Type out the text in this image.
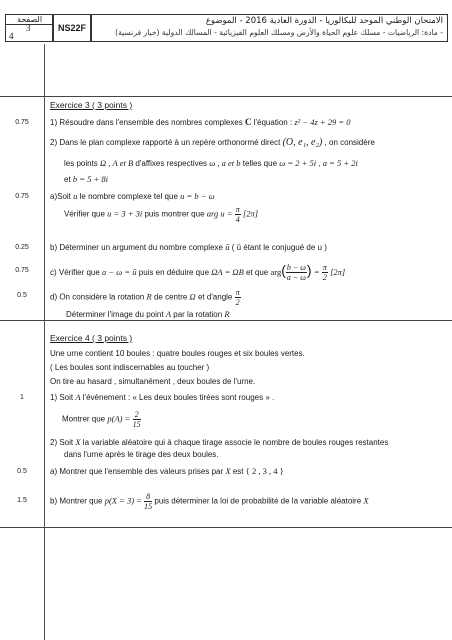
الصفحة
3
4
NS22F
الامتحان الوطني الموحد للبكالوريا - الدورة العادية 2016 - الموضوع
- مادة: الرياضيات - مسلك علوم الحياة والأرض ومسلك العلوم الفيزيائية - المسالك الدولية (خيار فرنسية)
Exercice 3 ( 3 points )
0.75	1) Résoudre dans l'ensemble des nombres complexes C l'équation : z² − 4z + 29 = 0
2) Dans le plan complexe rapporté à un repère orthonormé direct (O, e₁, e₂) , on considère
les points Ω , A et B d'affixes respectives ω , a et b telles que ω = 2 + 5i , a = 5 + 2i
et b = 5 + 8i
0.75	a)Soit u le nombre complexe tel que u = b − ω
Vérifier que u = 3 + 3i puis montrer que arg $u = \frac{\pi}{4} [2\pi]$
0.25	b) Déterminer un argument du nombre complexe ū ( ū étant le conjugué de u )
0.75	c) Vérifier que a − ω = ū puis en déduire que ΩA = ΩB et que $arg( \frac{b - \omega}{a - \omega}$ ) = $\frac{\pi}{2} [2\pi]$
0.5	d) On considère la rotation R de centre Ω et d'angle $\frac{\pi}{2}$
Déterminer l'image du point A par la rotation R
Exercice 4 ( 3 points )
Une urne contient 10 boules : quatre boules rouges et six boules vertes.
( Les boules sont indiscernables au toucher )
On tire au hasard , simultanément , deux boules de l'urne.
1	1) Soit A l'évènement : « Les deux boules tirées sont rouges » .
Montrer que $p(A) = \frac{2}{15}$
2) Soit X la variable aléatoire qui à chaque tirage associe le nombre de boules rouges restantes
dans l'urne après le tirage des deux boules.
0.5	a) Montrer que l'ensemble des valeurs prises par X est { 2 , 3 , 4 }
1.5	b) Montrer que $p(X = 3) = \frac{8}{15}$ puis déterminer la loi de probabilité de la variable aléatoire X
